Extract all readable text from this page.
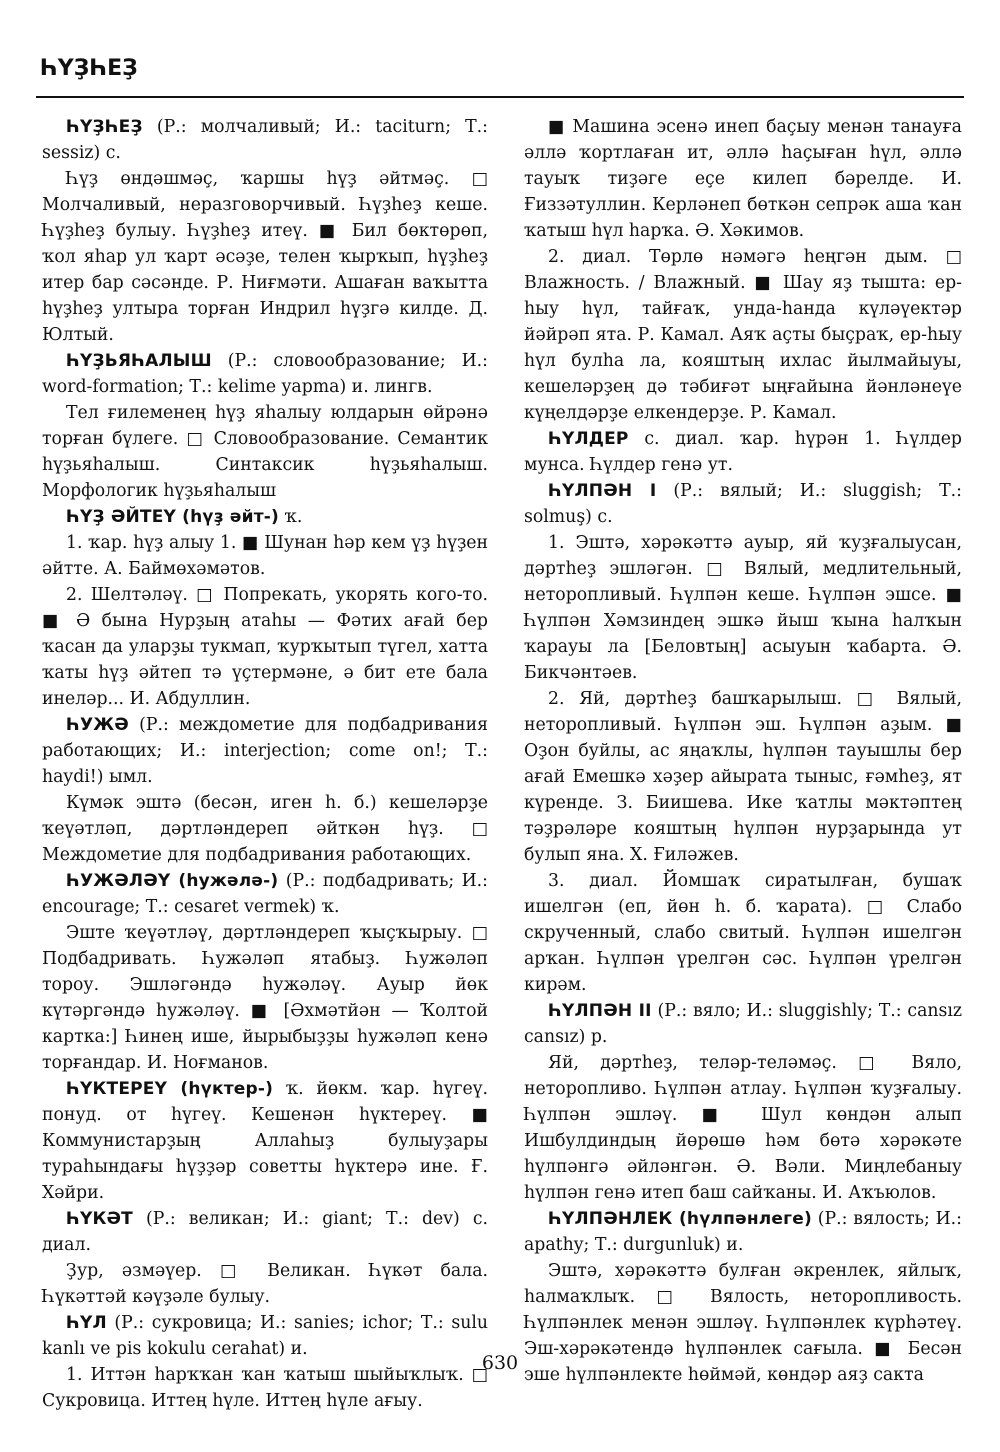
ҺҮҘҺЕҘ

ҺҮҘҺЕҘ (Р.: молчаливый; И.: taciturn; Т.: sessiz) с.

Һүҙ өндәшмәç, ҡаршы һүҙ әйтмәç. □ Молчаливый, неразговорчивый. Һүҙһеҙ кеше. Һүҙһеҙ булыу. Һүҙһеҙ итеү. ■ Бил бөктөрөп, ҡол яһар ул ҡарт әсәҙе, телен ҡырҡып, һүҙһеҙ итер бар сәсәнде. Р. Ниғмәти. Ашаған ваҡытта һүҙһеҙ ултыра торған Индрил һүҙгә килде. Д. Юлтый.

ҺҮҘЬЯҺАЛЫШ (Р.: словообразование; И.: word-formation; Т.: kelime yapma) и. лингв.

Тел ғилеменең һүҙ яһалыу юлдарын өйрәнә торған бүлеге. □ Словообразование. Семантик һүҙьяһалыш. Синтаксик һүҙьяһалыш. Морфологик һүҙьяһалыш

ҺҮҘ ӘЙТЕҮ (һүҙ әйт-) ҡ.

1. ҡар. һүҙ алыу 1. ■ Шунан һәр кем үҙ һүҙен әйтте. А. Баймөхәмәтов.

2. Шелтәләү. □ Попрекать, укорять кого-то. ■ Ә бына Нурҙың атаһы — Фәтих ағай бер ҡасан да уларҙы тукмап, ҡурҡытып түгел, хатта ҡаты һүҙ әйтеп тә үҫтермәне, ә бит ете бала инеләр... И. Абдуллин.

ҺУЖӘ (Р.: междометие для подбадривания работающих; И.: interjection; come on!; Т.: haydi!) ымл.

Күмәк эштә (бесән, иген һ. б.) кешеләрҙе ҡеүәтләп, дәртләндереп әйткән һүҙ. □ Междометие для подбадривания работающих.

ҺУЖӘЛӘҮ (һужәлә-) (Р.: подбадривать; И.: encourage; Т.: cesaret vermek) ҡ.

Эште ҡеүәтләү, дәртләндереп ҡыҫҡырыу. □ Подбадривать. Һужәләп ятабыҙ. Һужәләп тороу. Эшләгәндә һужәләү. Ауыр йөк күтәргәндә һужәләү. ■ [Әхмәтйән — Ҡолтой картка:] Һинең ише, йырыбыҙҙы һужәләп кенә торғандар. И. Ноғманов.

ҺҮКТЕРЕҮ (һүктер-) ҡ. йөкм. ҡар. һүгеү. понуд. от һүгеү. Кешенән һүктереү. ■ Коммунистарҙың Аллаһыҙ булыуҙары тураһындағы һүҙҙәр советты һүктерә ине. Ғ. Хәйри.

ҺҮКӘТ (Р.: великан; И.: giant; Т.: dev) с. диал.

Ҙур, әзмәүер. □ Великан. Һүкәт бала. Һүкәттәй кәүҙәле булыу.

ҺҮЛ (Р.: сукровица; И.: sanies; ichor; Т.: sulu kanlı ve pis kokulu cerahat) и.

1. Иттән һарҡҡан ҡан ҡатыш шыйыҡлыҡ. □ Сукровица. Иттең һүле. Иттең һүле ағыу.

■ Машина эсенә инеп баçыу менән танауға әллә ҡортлаған ит, әллә һаçыған һүл, әллә тауыҡ тиҙәге еçе килеп бәрелде. И. Ғиззәтуллин. Керләнеп бөткән сепрәк аша ҡан ҡатыш һүл һарҡа. Ә. Хәкимов.

2. диал. Төрлө нәмәгә һеңгән дым. □ Влажность. / Влажный. ■ Шау яҙ тышта: ер-һыу һүл, тайғаҡ, унда-һанда күләүектәр йәйрәп ята. Р. Камал. Аяҡ аçты быçраҡ, ер-һыу һүл булһа ла, кояштың ихлас йылмайыуы, кешеләрҙең дә тәбиғәт ыңғайына йәнләнеүе күңелдәрҙе елкендерҙе. Р. Камал.

ҺҮЛДЕР с. диал. ҡар. һүрән 1. Һүлдер мунса. Һүлдер генә ут.

ҺҮЛПӘН I (Р.: вялый; И.: sluggish; Т.: solmuş) с.

1. Эштә, хәрәкәттә ауыр, яй ҡуҙғалыусан, дәртһеҙ эшләгән. □ Вялый, медлительный, неторопливый. Һүлпән кеше. Һүлпән эшсе. ■ Һүлпән Хәмзиндең эшкә йыш ҡына һалҡын ҡарауы ла [Беловтың] асыуын ҡабарта. Ә. Бикчәнтәев.

2. Яй, дәртһеҙ башҡарылыш. □ Вялый, неторопливый. Һүлпән эш. Һүлпән аҙым. ■ Оҙон буйлы, ас яңаҡлы, һүлпән тауышлы бер ағай Емешкә хәҙер айырата тыныс, ғәмһеҙ, ят күренде. З. Биишева. Ике ҡатлы мәктәптең тәҙрәләре кояштың һүлпән нурҙарында ут булып яна. Х. Ғиләжев.

3. диал. Йомшаҡ сиратылған, бушаҡ ишелгән (еп, йөн һ. б. ҡарата). □ Слабо скрученный, слабо свитый. Һүлпән ишелгән арҡан. Һүлпән үрелгән сәс. Һүлпән үрелгән кирәм.

ҺҮЛПӘН II (Р.: вяло; И.: sluggishly; Т.: cansız cansız) р.

Яй, дәртһеҙ, теләр-теләмәç. □ Вяло, неторопливо. Һүлпән атлау. Һүлпән ҡуҙғалыу. Һүлпән эшләү. ■ Шул көндән алып Ишбулдиндың йөрөшө һәм бөтә хәрәкәте һүлпәнгә әйләнгән. Ә. Вәли. Миңлебаныу һүлпән генә итеп баш сайҡаны. И. Аҡъюлов.

ҺҮЛПӘНЛЕК (һүлпәнлеге) (Р.: вялость; И.: apathy; Т.: durgunluk) и.

Эштә, хәрәкәттә булған әкренлек, яйлыҡ, һалмаҡлыҡ. □ Вялость, неторопливость. Һүлпәнлек менән эшләү. Һүлпәнлек күрһәтеү. Эш-хәрәкәтендә һүлпәнлек сағыла. ■ Бесән эше һүлпәнлекте һөймәй, көндәр аяҙ сакта

630
